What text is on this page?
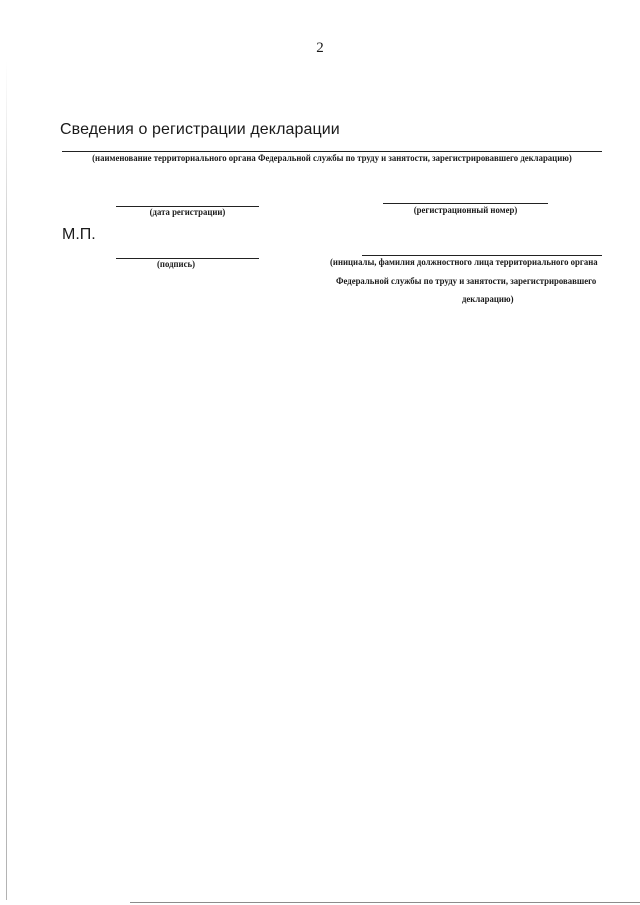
2
Сведения о регистрации декларации
(наименование территориального органа Федеральной службы по труду и занятости, зарегистрировавшего декларацию)
(дата регистрации)	(регистрационный номер)
М.П.
(подпись)	(инициалы, фамилия должностного лица территориального органа
Федеральной службы по труду и занятости, зарегистрировавшего
декларацию)
